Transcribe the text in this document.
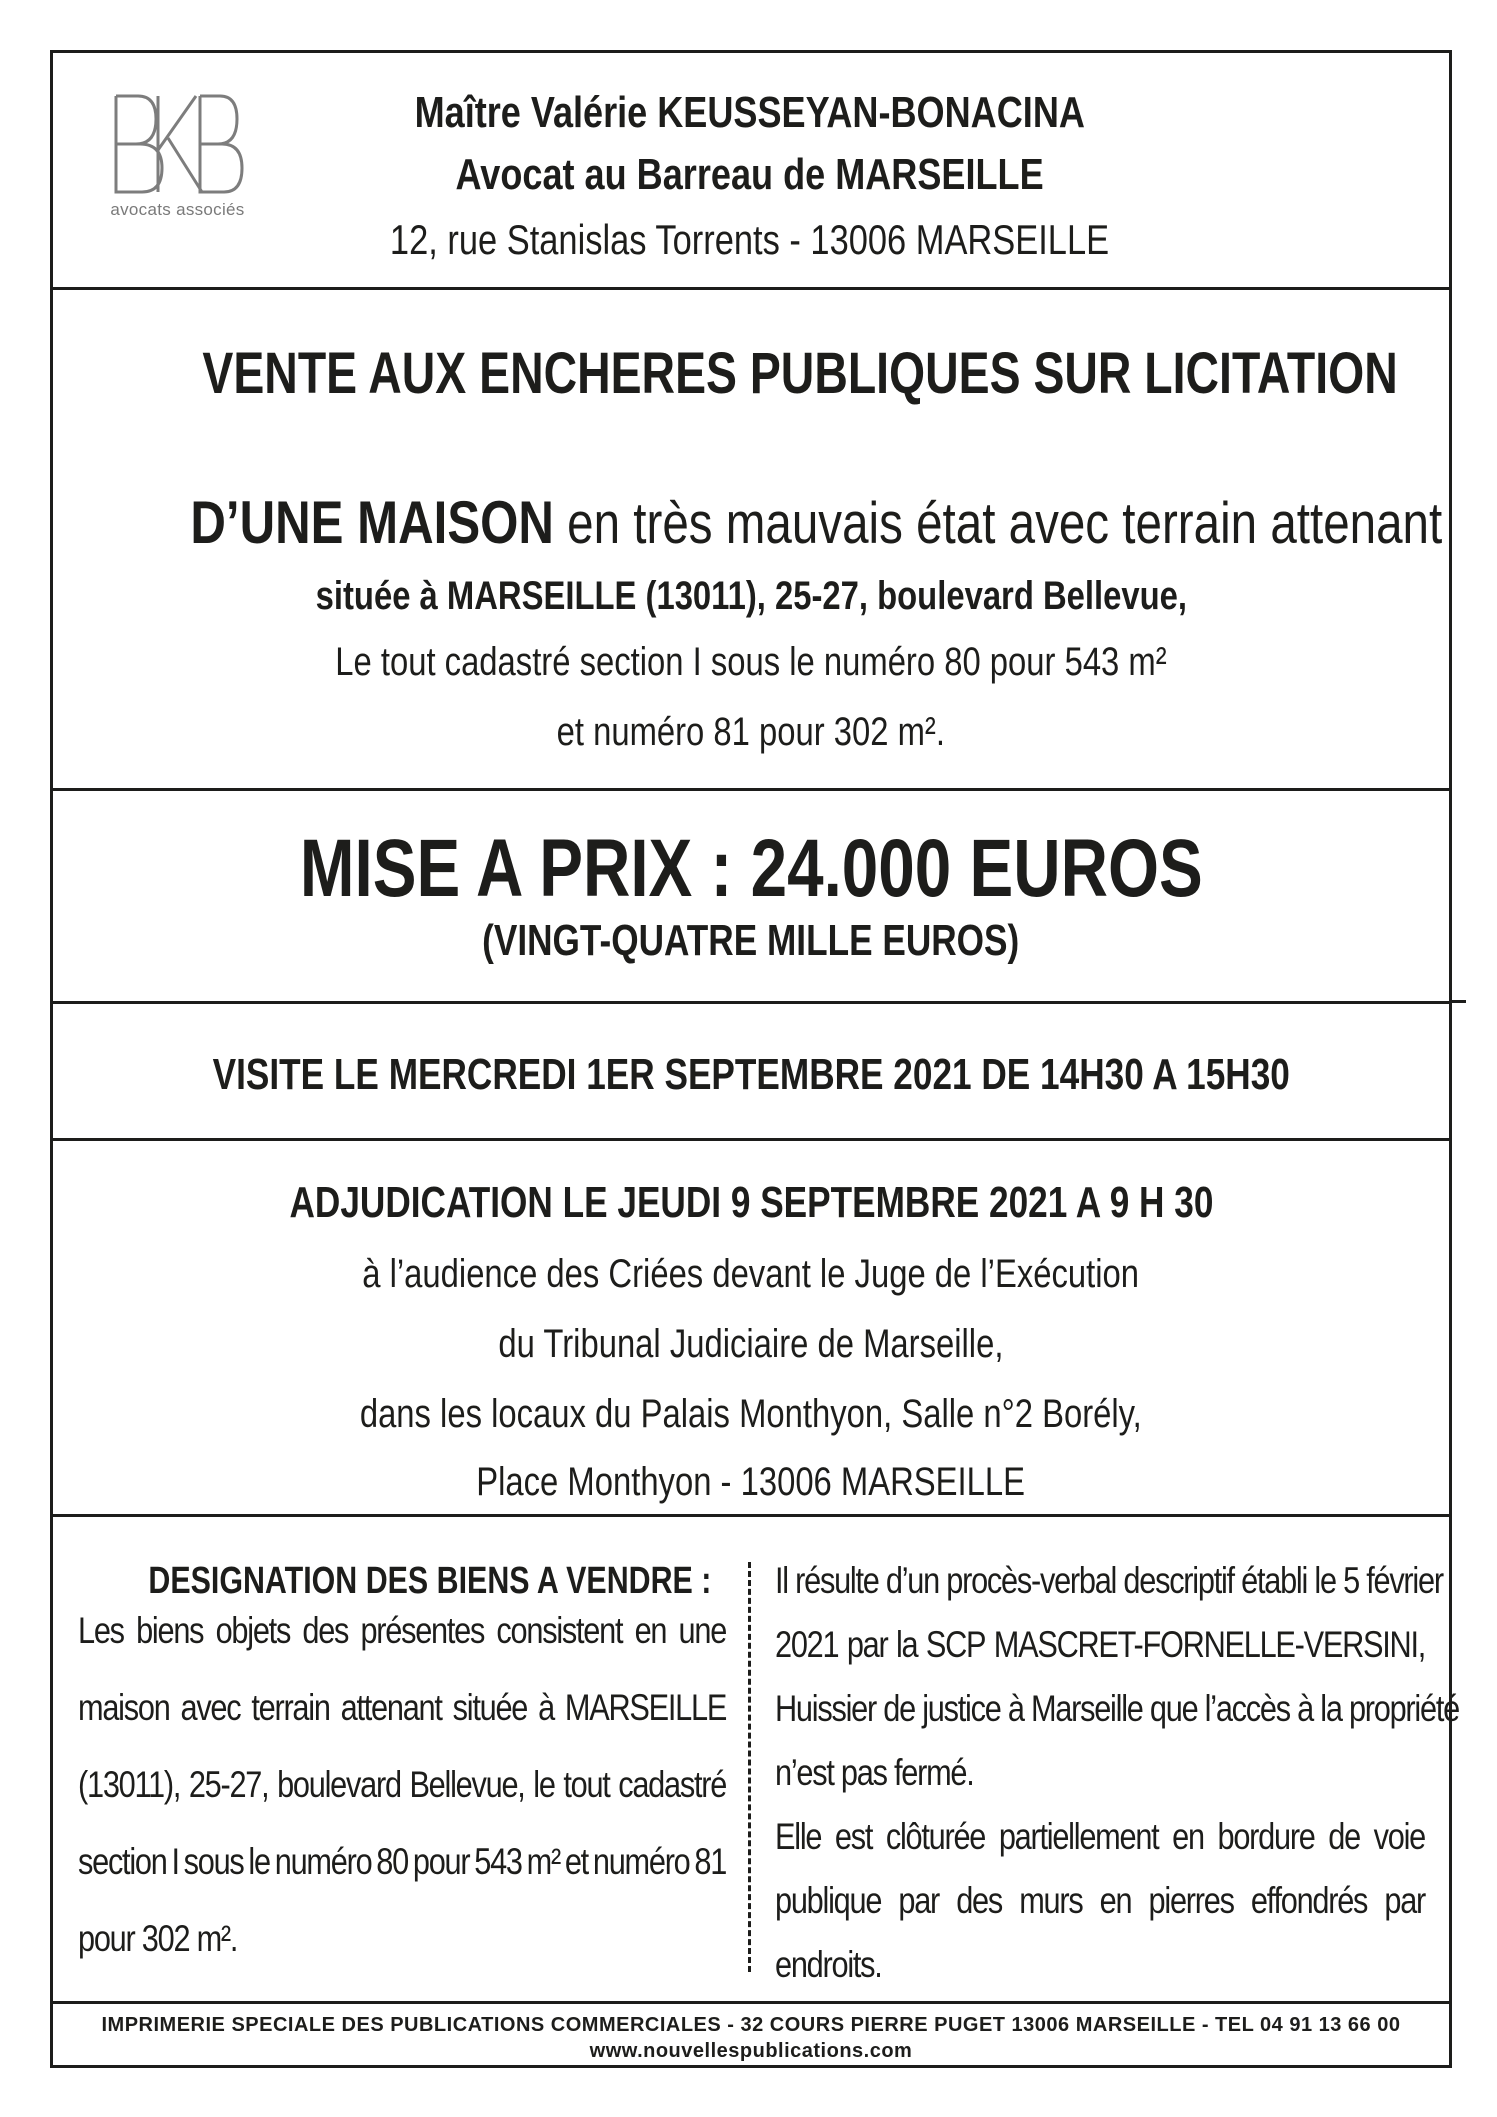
avocats associés
Maître Valérie KEUSSEYAN-BONACINA
Avocat au Barreau de MARSEILLE
12, rue Stanislas Torrents - 13006 MARSEILLE
VENTE AUX ENCHERES PUBLIQUES SUR LICITATION
D’UNE MAISON en très mauvais état avec terrain attenant
située à MARSEILLE (13011), 25-27, boulevard Bellevue,
Le tout cadastré section I sous le numéro 80 pour 543 m²
et numéro 81 pour 302 m².
MISE A PRIX : 24.000 EUROS
(VINGT-QUATRE MILLE EUROS)
VISITE LE MERCREDI 1ER SEPTEMBRE 2021 DE 14H30 A 15H30
ADJUDICATION LE JEUDI 9 SEPTEMBRE 2021 A 9 H 30
à l’audience des Criées devant le Juge de l’Exécution
du Tribunal Judiciaire de Marseille,
dans les locaux du Palais Monthyon, Salle n°2 Borély,
Place Monthyon - 13006 MARSEILLE
DESIGNATION DES BIENS A VENDRE :
Les biens objets des présentes consistent en une
maison avec terrain attenant située à MARSEILLE
(13011), 25-27, boulevard Bellevue, le tout cadastré
section I sous le numéro 80 pour 543 m² et numéro 81
pour 302 m².
Il résulte d’un procès-verbal descriptif établi le 5 février
2021 par la SCP MASCRET-FORNELLE-VERSINI,
Huissier de justice à Marseille que l’accès à la propriété
n’est pas fermé.
Elle est clôturée partiellement en bordure de voie
publique par des murs en pierres effondrés par
endroits.
IMPRIMERIE SPECIALE DES PUBLICATIONS COMMERCIALES - 32 COURS PIERRE PUGET 13006 MARSEILLE - TEL 04 91 13 66 00
www.nouvellespublications.com
